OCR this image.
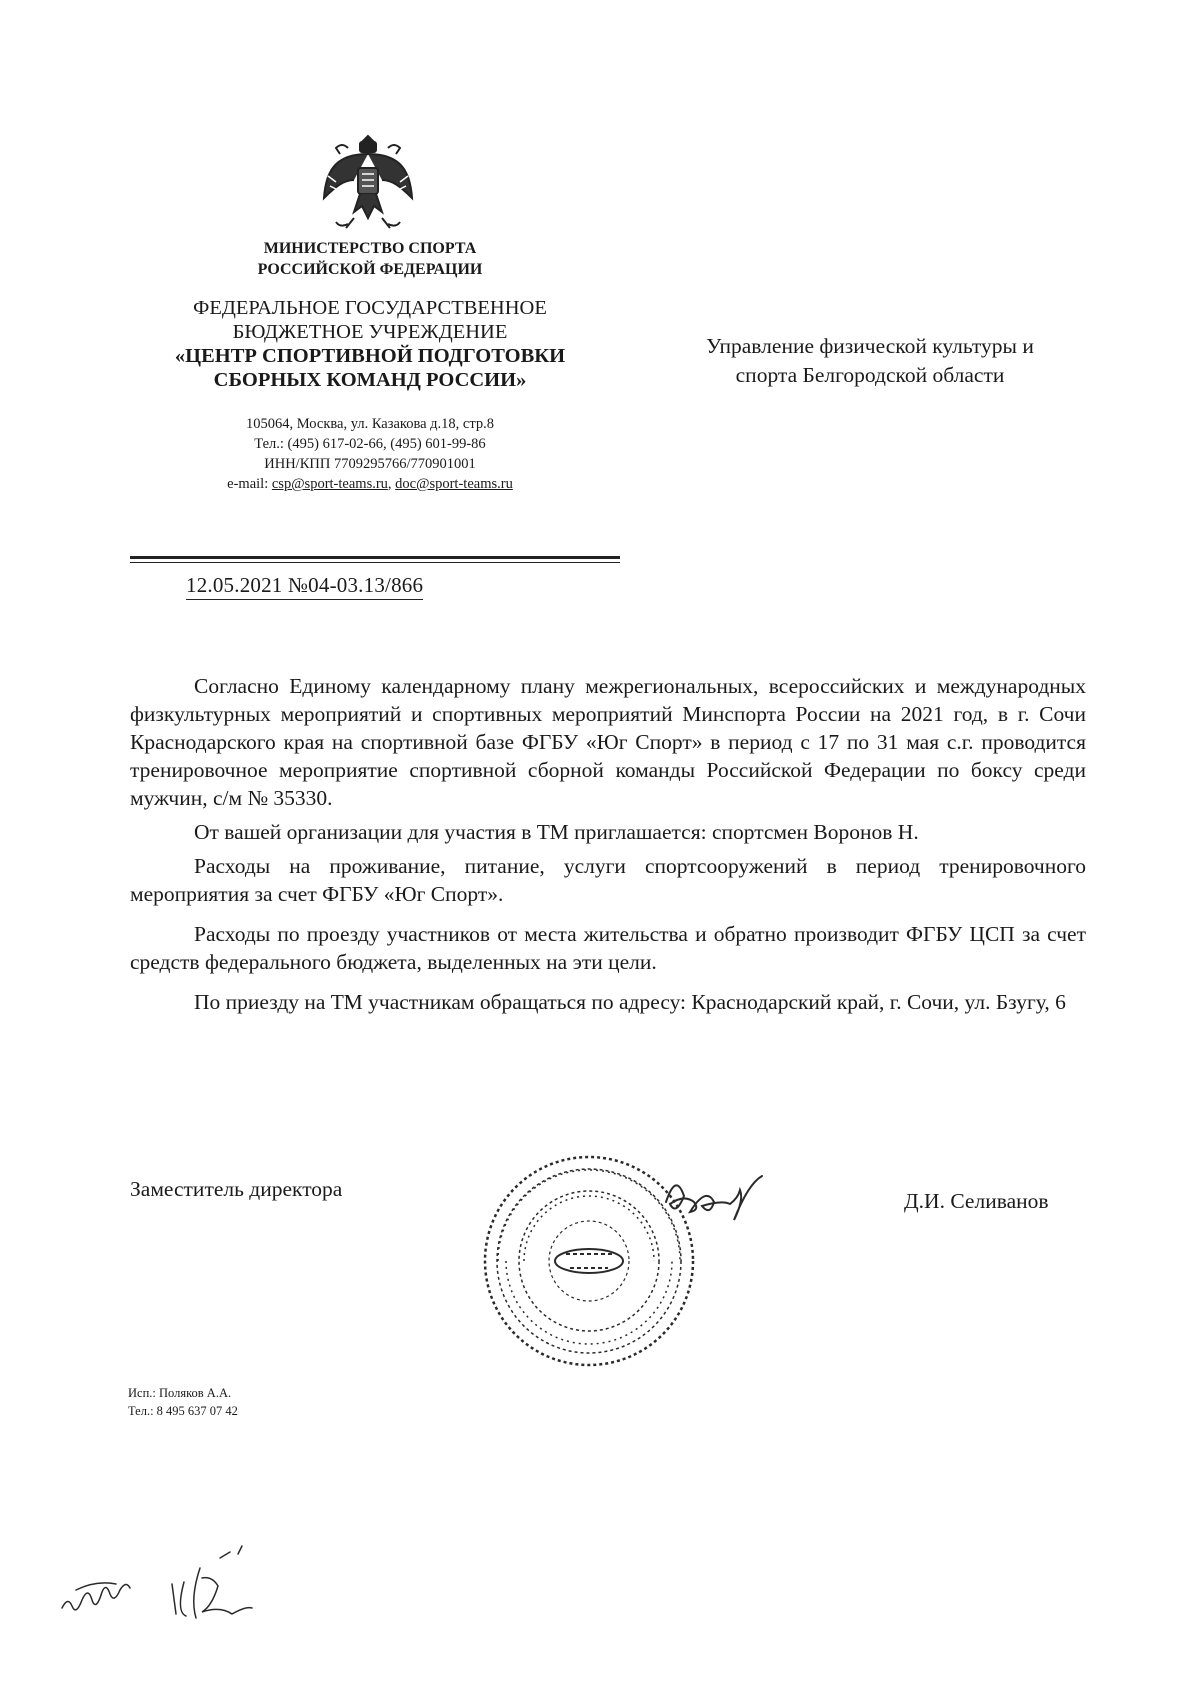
МИНИСТЕРСТВО СПОРТА
РОССИЙСКОЙ ФЕДЕРАЦИИ
ФЕДЕРАЛЬНОЕ ГОСУДАРСТВЕННОЕ
БЮДЖЕТНОЕ УЧРЕЖДЕНИЕ
«ЦЕНТР СПОРТИВНОЙ ПОДГОТОВКИ
СБОРНЫХ КОМАНД РОССИИ»
105064, Москва, ул. Казакова д.18, стр.8
Тел.: (495) 617-02-66, (495) 601-99-86
ИНН/КПП 7709295766/770901001
e-mail: csp@sport-teams.ru, doc@sport-teams.ru
Управление физической культуры и
спорта Белгородской области
12.05.2021 №04-03.13/866

Согласно Единому календарному плану межрегиональных, всероссийских и международных физкультурных мероприятий и спортивных мероприятий Минспорта России на 2021 год, в г. Сочи Краснодарского края на спортивной базе ФГБУ «Юг Спорт» в период с 17 по 31 мая с.г. проводится тренировочное мероприятие спортивной сборной команды Российской Федерации по боксу среди мужчин, с/м № 35330.

От вашей организации для участия в ТМ приглашается: спортсмен Воронов Н.

Расходы на проживание, питание, услуги спортсооружений в период тренировочного мероприятия за счет ФГБУ «Юг Спорт».

Расходы по проезду участников от места жительства и обратно производит ФГБУ ЦСП за счет средств федерального бюджета, выделенных на эти цели.

По приезду на ТМ участникам обращаться по адресу: Краснодарский край, г. Сочи, ул. Бзугу, 6

Заместитель директора	Д.И. Селиванов
Исп.: Поляков А.А.
Тел.: 8 495 637 07 42
